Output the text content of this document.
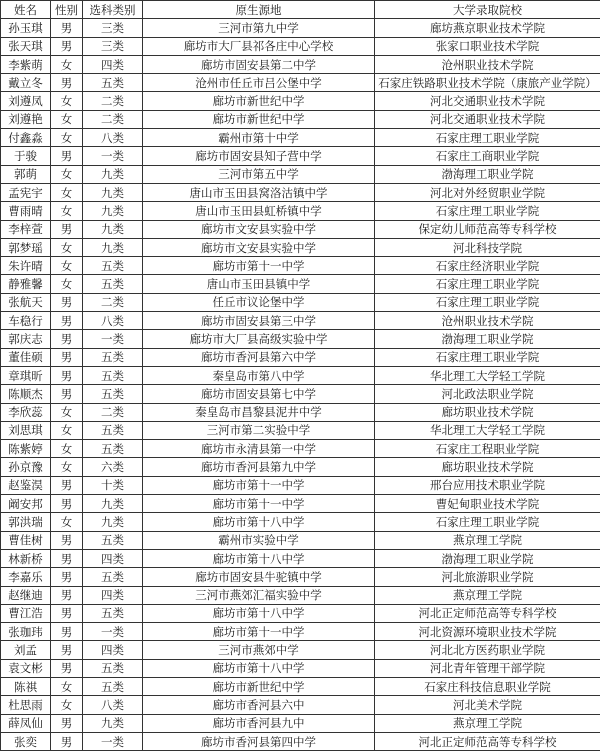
姓名	性别	选科类别	原生源地	大学录取院校
孙玉琪	男	三类	三河市第九中学	廊坊燕京职业技术学院
张天琪	男	三类	廊坊市大厂县祁各庄中心学校	张家口职业技术学院
李紫萌	女	四类	廊坊市固安县第二中学	沧州职业技术学院
戴立冬	男	五类	沧州市任丘市吕公堡中学	石家庄铁路职业技术学院（康旅产业学院）
刘遵凤	女	二类	廊坊市新世纪中学	河北交通职业技术学院
刘遵艳	女	二类	廊坊市新世纪中学	河北交通职业技术学院
付鑫淼	女	八类	霸州市第十中学	石家庄理工职业学院
于骏	男	一类	廊坊市固安县知子营中学	石家庄工商职业学院
郭萌	女	九类	三河市第五中学	渤海理工职业学院
孟宪宇	女	九类	唐山市玉田县窝洛沽镇中学	河北对外经贸职业学院
曹雨晴	女	九类	唐山市玉田县虹桥镇中学	石家庄理工职业学院
李梓萱	男	九类	廊坊市文安县实验中学	保定幼儿师范高等专科学校
郭梦瑶	女	九类	廊坊市文安县实验中学	河北科技学院
朱许晴	女	五类	廊坊市第十一中学	石家庄经济职业学院
静雅馨	女	五类	唐山市玉田县镇中学	石家庄理工职业学院
张航天	男	二类	任丘市议论堡中学	石家庄理工职业学院
车稳行	男	八类	廊坊市固安县第三中学	沧州职业技术学院
郭庆志	男	一类	廊坊市大厂县高级实验中学	渤海理工职业学院
董佳硕	男	五类	廊坊市香河县第六中学	石家庄理工职业学院
章琪昕	男	五类	秦皇岛市第八中学	华北理工大学轻工学院
陈顺杰	男	五类	廊坊市固安县第七中学	河北政法职业学院
李欣蕊	女	二类	秦皇岛市昌黎县泥井中学	廊坊职业技术学院
刘思琪	女	五类	三河市第二实验中学	华北理工大学轻工学院
陈紫婷	女	五类	廊坊市永清县第一中学	石家庄工程职业学院
孙京豫	女	六类	廊坊市香河县第九中学	廊坊职业技术学院
赵鉴淏	男	十类	廊坊市第十一中学	邢台应用技术职业学院
阚安邦	男	九类	廊坊市第十一中学	曹妃甸职业技术学院
郭洪瑞	女	九类	廊坊市第十八中学	石家庄理工职业学院
曹佳树	男	五类	霸州市实验中学	燕京理工学院
林新桥	男	四类	廊坊市第十八中学	渤海理工职业学院
李嘉乐	男	五类	廊坊市固安县牛驼镇中学	河北旅游职业学院
赵继迪	男	四类	三河市燕郊汇福实验中学	燕京理工学院
曹江浩	男	五类	廊坊市第十八中学	河北正定师范高等专科学校
张珈玮	男	一类	廊坊市第十一中学	河北资源环境职业技术学院
刘孟	男	四类	三河市燕郊中学	河北北方医药职业学院
袁文彬	男	五类	廊坊市第十八中学	河北青年管理干部学院
陈祺	女	五类	廊坊市新世纪中学	石家庄科技信息职业学院
杜思雨	女	八类	廊坊市香河县六中	河北美术学院
薛凤仙	男	九类	廊坊市香河县九中	燕京理工学院
张奕	男	一类	廊坊市香河县第四中学	河北正定师范高等专科学校
